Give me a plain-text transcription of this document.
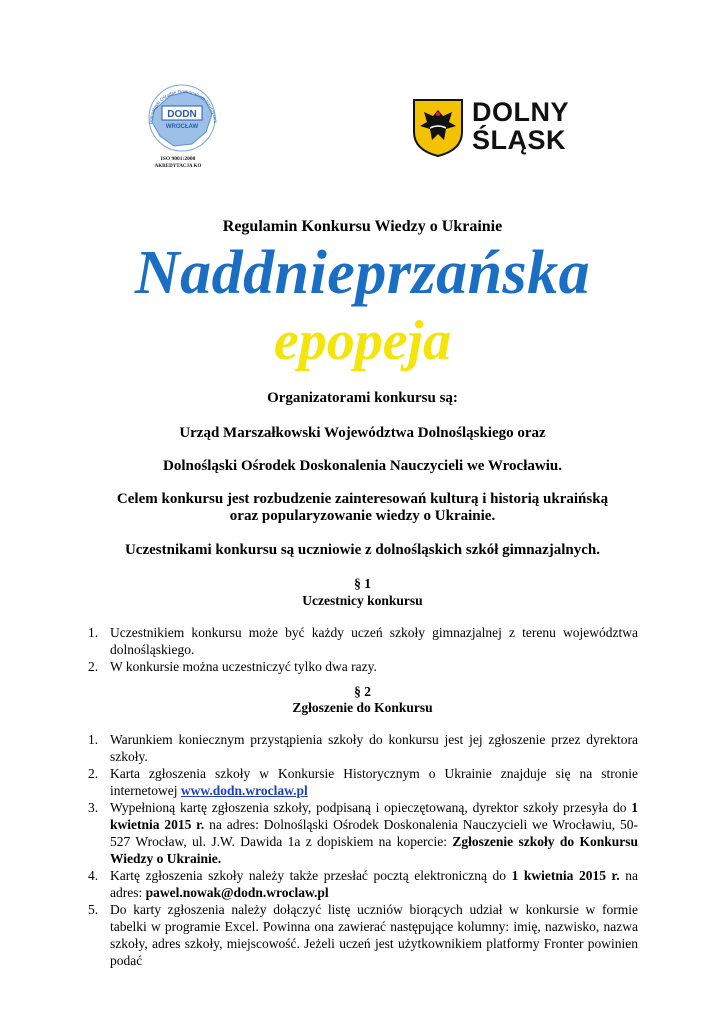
DODN
WROCŁAW
Dolnośląski Ośrodek Doskonalenia Nauczycieli
ISO 9001:2008
AKREDYTACJA KO
DOLNY
ŚLĄSK
Regulamin Konkursu Wiedzy o Ukrainie
Naddnieprzańska
epopeja
Organizatorami konkursu są:
Urząd Marszałkowski Województwa Dolnośląskiego oraz
Dolnośląski Ośrodek Doskonalenia Nauczycieli we Wrocławiu.
Celem konkursu jest rozbudzenie zainteresowań kulturą i historią ukraińską
oraz popularyzowanie wiedzy o Ukrainie.
Uczestnikami konkursu są uczniowie z dolnośląskich szkół gimnazjalnych.
§ 1
Uczestnicy konkursu
1. Uczestnikiem konkursu może być każdy uczeń szkoły gimnazjalnej z terenu województwa dolnośląskiego.
2. W konkursie można uczestniczyć tylko dwa razy.
§ 2
Zgłoszenie do Konkursu
1. Warunkiem koniecznym przystąpienia szkoły do konkursu jest jej zgłoszenie przez dyrektora szkoły.
2. Karta zgłoszenia szkoły w Konkursie Historycznym o Ukrainie znajduje się na stronie internetowej www.dodn.wroclaw.pl
3. Wypełnioną kartę zgłoszenia szkoły, podpisaną i opieczętowaną, dyrektor szkoły przesyła do 1 kwietnia 2015 r. na adres: Dolnośląski Ośrodek Doskonalenia Nauczycieli we Wrocławiu, 50-527 Wrocław, ul. J.W. Dawida 1a z dopiskiem na kopercie: Zgłoszenie szkoły do Konkursu Wiedzy o Ukrainie.
4. Kartę zgłoszenia szkoły należy także przesłać pocztą elektroniczną do 1 kwietnia 2015 r. na adres: pawel.nowak@dodn.wroclaw.pl
5. Do karty zgłoszenia należy dołączyć listę uczniów biorących udział w konkursie w formie tabelki w programie Excel. Powinna ona zawierać następujące kolumny: imię, nazwisko, nazwa szkoły, adres szkoły, miejscowość. Jeżeli uczeń jest użytkownikiem platformy Fronter powinien podać
